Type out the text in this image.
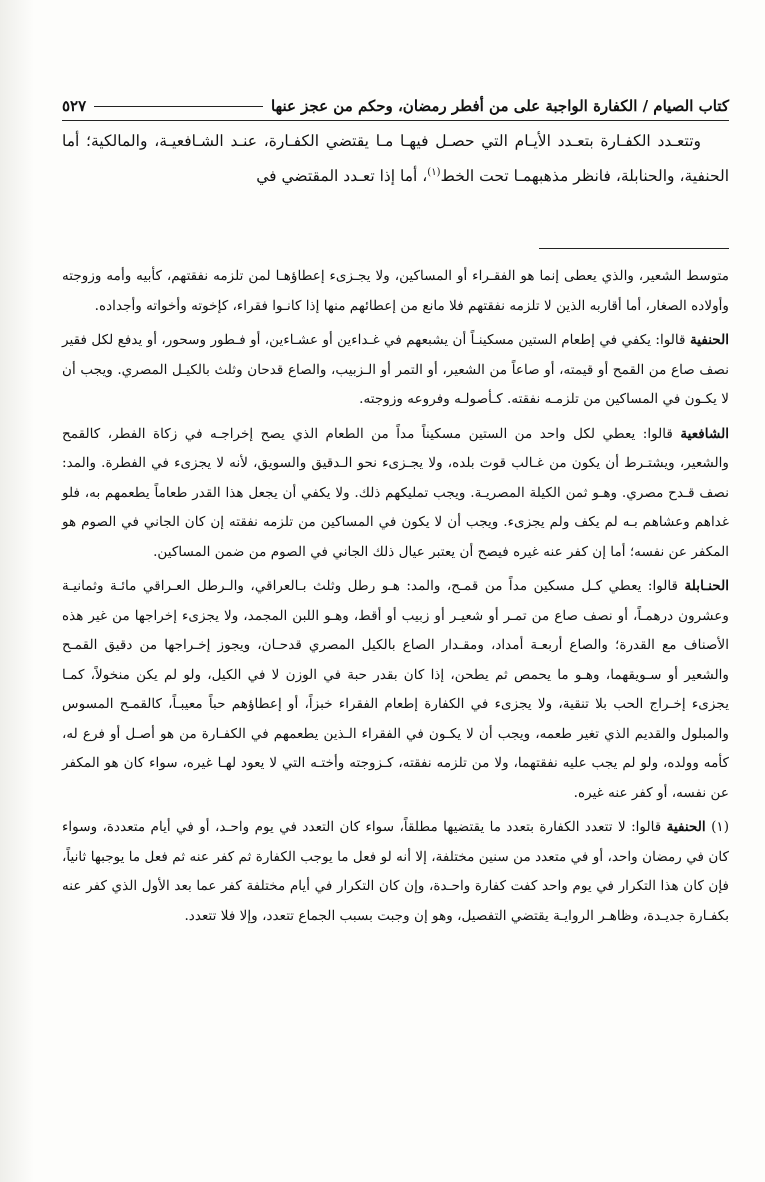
كتاب الصيام / الكفارة الواجبة على من أفطر رمضان، وحكم من عجز عنها
٥٢٧

وتتعـدد الكفـارة بتعـدد الأيـام التي حصـل فيهـا مـا يقتضي الكفـارة، عنـد الشـافعيـة، والمالكية؛ أما الحنفية، والحنابلة، فانظر مذهبهمـا تحت الخط$^{(١)}$، أما إذا تعـدد المقتضي في

متوسط الشعير، والذي يعطى إنما هو الفقـراء أو المساكين، ولا يجـزىء إعطاؤهـا لمن تلزمه نفقتهم، كأبيه وأمه وزوجته وأولاده الصغار، أما أقاربه الذين لا تلزمه نفقتهم فلا مانع من إعطائهم منها إذا كانـوا فقراء، كإخوته وأخواته وأجداده.

الحنفية قالوا: يكفي في إطعام الستين مسكينـاً أن يشبعهم في غـداءين أو عشـاءين، أو فـطور وسحور، أو يدفع لكل فقير نصف صاع من القمح أو قيمته، أو صاعاً من الشعير، أو التمر أو الـزبيب، والصاع قدحان وثلث بالكيـل المصري. ويجب أن لا يكـون في المساكين من تلزمـه نفقته. كـأصولـه وفروعه وزوجته.

الشافعية قالوا: يعطي لكل واحد من الستين مسكيناً مداً من الطعام الذي يصح إخراجـه في زكاة الفطر، كالقمح والشعير، ويشتـرط أن يكون من غـالب قوت بلده، ولا يجـزىء نحو الـدقيق والسويق، لأنه لا يجزىء في الفطرة. والمد: نصف قـدح مصري. وهـو ثمن الكيلة المصريـة. ويجب تمليكهم ذلك. ولا يكفي أن يجعل هذا القدر طعاماً يطعمهم به، فلو غداهم وعشاهم بـه لم يكف ولم يجزىء. ويجب أن لا يكون في المساكين من تلزمه نفقته إن كان الجاني في الصوم هو المكفر عن نفسه؛ أما إن كفر عنه غيره فيصح أن يعتبر عيال ذلك الجاني في الصوم من ضمن المساكين.

الحنـابلة قالوا: يعطي كـل مسكين مداً من قمـح، والمد: هـو رطل وثلث بـالعراقي، والـرطل العـراقي مائـة وثمانيـة وعشرون درهمـاً، أو نصف صاع من تمـر أو شعيـر أو زبيب أو أقط، وهـو اللبن المجمد، ولا يجزىء إخراجها من غير هذه الأصناف مع القدرة؛ والصاع أربعـة أمداد، ومقـدار الصاع بالكيل المصري قدحـان، ويجوز إخـراجها من دقيق القمـح والشعير أو سـويقهما، وهـو ما يحمص ثم يطحن، إذا كان بقدر حبة في الوزن لا في الكيل، ولو لم يكن منخولاً، كمـا يجزىء إخـراج الحب بلا تنقية، ولا يجزىء في الكفارة إطعام الفقراء خبزاً، أو إعطاؤهم حباً معيبـاً، كالقمـح المسوس والمبلول والقديم الذي تغير طعمه، ويجب أن لا يكـون في الفقراء الـذين يطعمهم في الكفـارة من هو أصـل أو فرع له، كأمه وولده، ولو لم يجب عليه نفقتهما، ولا من تلزمه نفقته، كـزوجته وأختـه التي لا يعود لهـا غيره، سواء كان هو المكفر عن نفسه، أو كفر عنه غيره.

(١) الحنفية قالوا: لا تتعدد الكفارة بتعدد ما يقتضيها مطلقاً، سواء كان التعدد في يوم واحـد، أو في أيام متعددة، وسواء كان في رمضان واحد، أو في متعدد من سنين مختلفة، إلا أنه لو فعل ما يوجب الكفارة ثم كفر عنه ثم فعل ما يوجبها ثانياً، فإن كان هذا التكرار في يوم واحد كفت كفارة واحـدة، وإن كان التكرار في أيام مختلفة كفر عما بعد الأول الذي كفر عنه بكفـارة جديـدة، وظاهـر الروايـة يقتضي التفصيل، وهو إن وجبت بسبب الجماع تتعدد، وإلا فلا تتعدد.
